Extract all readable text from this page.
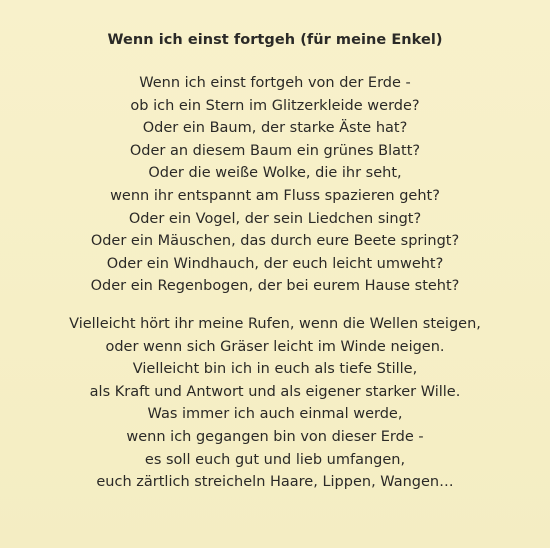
Wenn ich einst fortgeh (für meine Enkel)
Wenn ich einst fortgeh von der Erde -
ob ich ein Stern im Glitzerkleide werde?
Oder ein Baum, der starke Äste hat?
Oder an diesem Baum ein grünes Blatt?
Oder die weiße Wolke, die ihr seht,
wenn ihr entspannt am Fluss spazieren geht?
Oder ein Vogel, der sein Liedchen singt?
Oder ein Mäuschen, das durch eure Beete springt?
Oder ein Windhauch, der euch leicht umweht?
Oder ein Regenbogen, der bei eurem Hause steht?
Vielleicht hört ihr meine Rufen, wenn die Wellen steigen,
oder wenn sich Gräser leicht im Winde neigen.
Vielleicht bin ich in euch als tiefe Stille,
als Kraft und Antwort und als eigener starker Wille.
Was immer ich auch einmal werde,
wenn ich gegangen bin von dieser Erde -
es soll euch gut und lieb umfangen,
euch zärtlich streicheln Haare, Lippen, Wangen…
